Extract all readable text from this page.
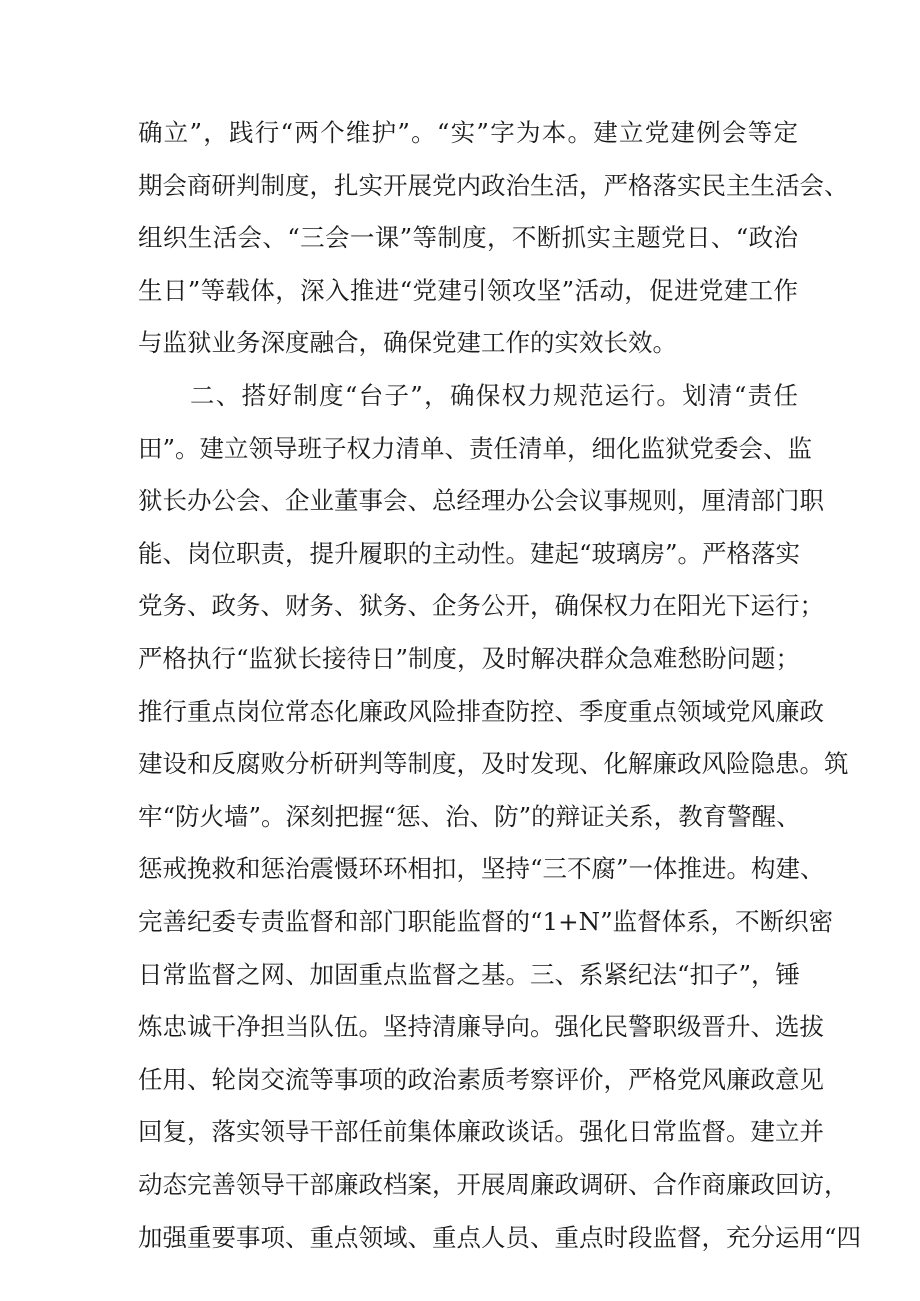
确立”，践行“两个维护”。“实”字为本。建立党建例会等定
期会商研判制度，扎实开展党内政治生活，严格落实民主生活会、
组织生活会、“三会一课”等制度，不断抓实主题党日、“政治
生日”等载体，深入推进“党建引领攻坚”活动，促进党建工作
与监狱业务深度融合，确保党建工作的实效长效。
二、搭好制度“台子”，确保权力规范运行。划清“责任
田”。建立领导班子权力清单、责任清单，细化监狱党委会、监
狱长办公会、企业董事会、总经理办公会议事规则，厘清部门职
能、岗位职责，提升履职的主动性。建起“玻璃房”。严格落实
党务、政务、财务、狱务、企务公开，确保权力在阳光下运行；
严格执行“监狱长接待日”制度，及时解决群众急难愁盼问题；
推行重点岗位常态化廉政风险排查防控、季度重点领域党风廉政
建设和反腐败分析研判等制度，及时发现、化解廉政风险隐患。筑
牢“防火墙”。深刻把握“惩、治、防”的辩证关系，教育警醒、
惩戒挽救和惩治震慑环环相扣，坚持“三不腐”一体推进。构建、
完善纪委专责监督和部门职能监督的“1+N”监督体系，不断织密
日常监督之网、加固重点监督之基。三、系紧纪法“扣子”，锤
炼忠诚干净担当队伍。坚持清廉导向。强化民警职级晋升、选拔
任用、轮岗交流等事项的政治素质考察评价，严格党风廉政意见
回复，落实领导干部任前集体廉政谈话。强化日常监督。建立并
动态完善领导干部廉政档案，开展周廉政调研、合作商廉政回访，
加强重要事项、重点领域、重点人员、重点时段监督，充分运用“四
